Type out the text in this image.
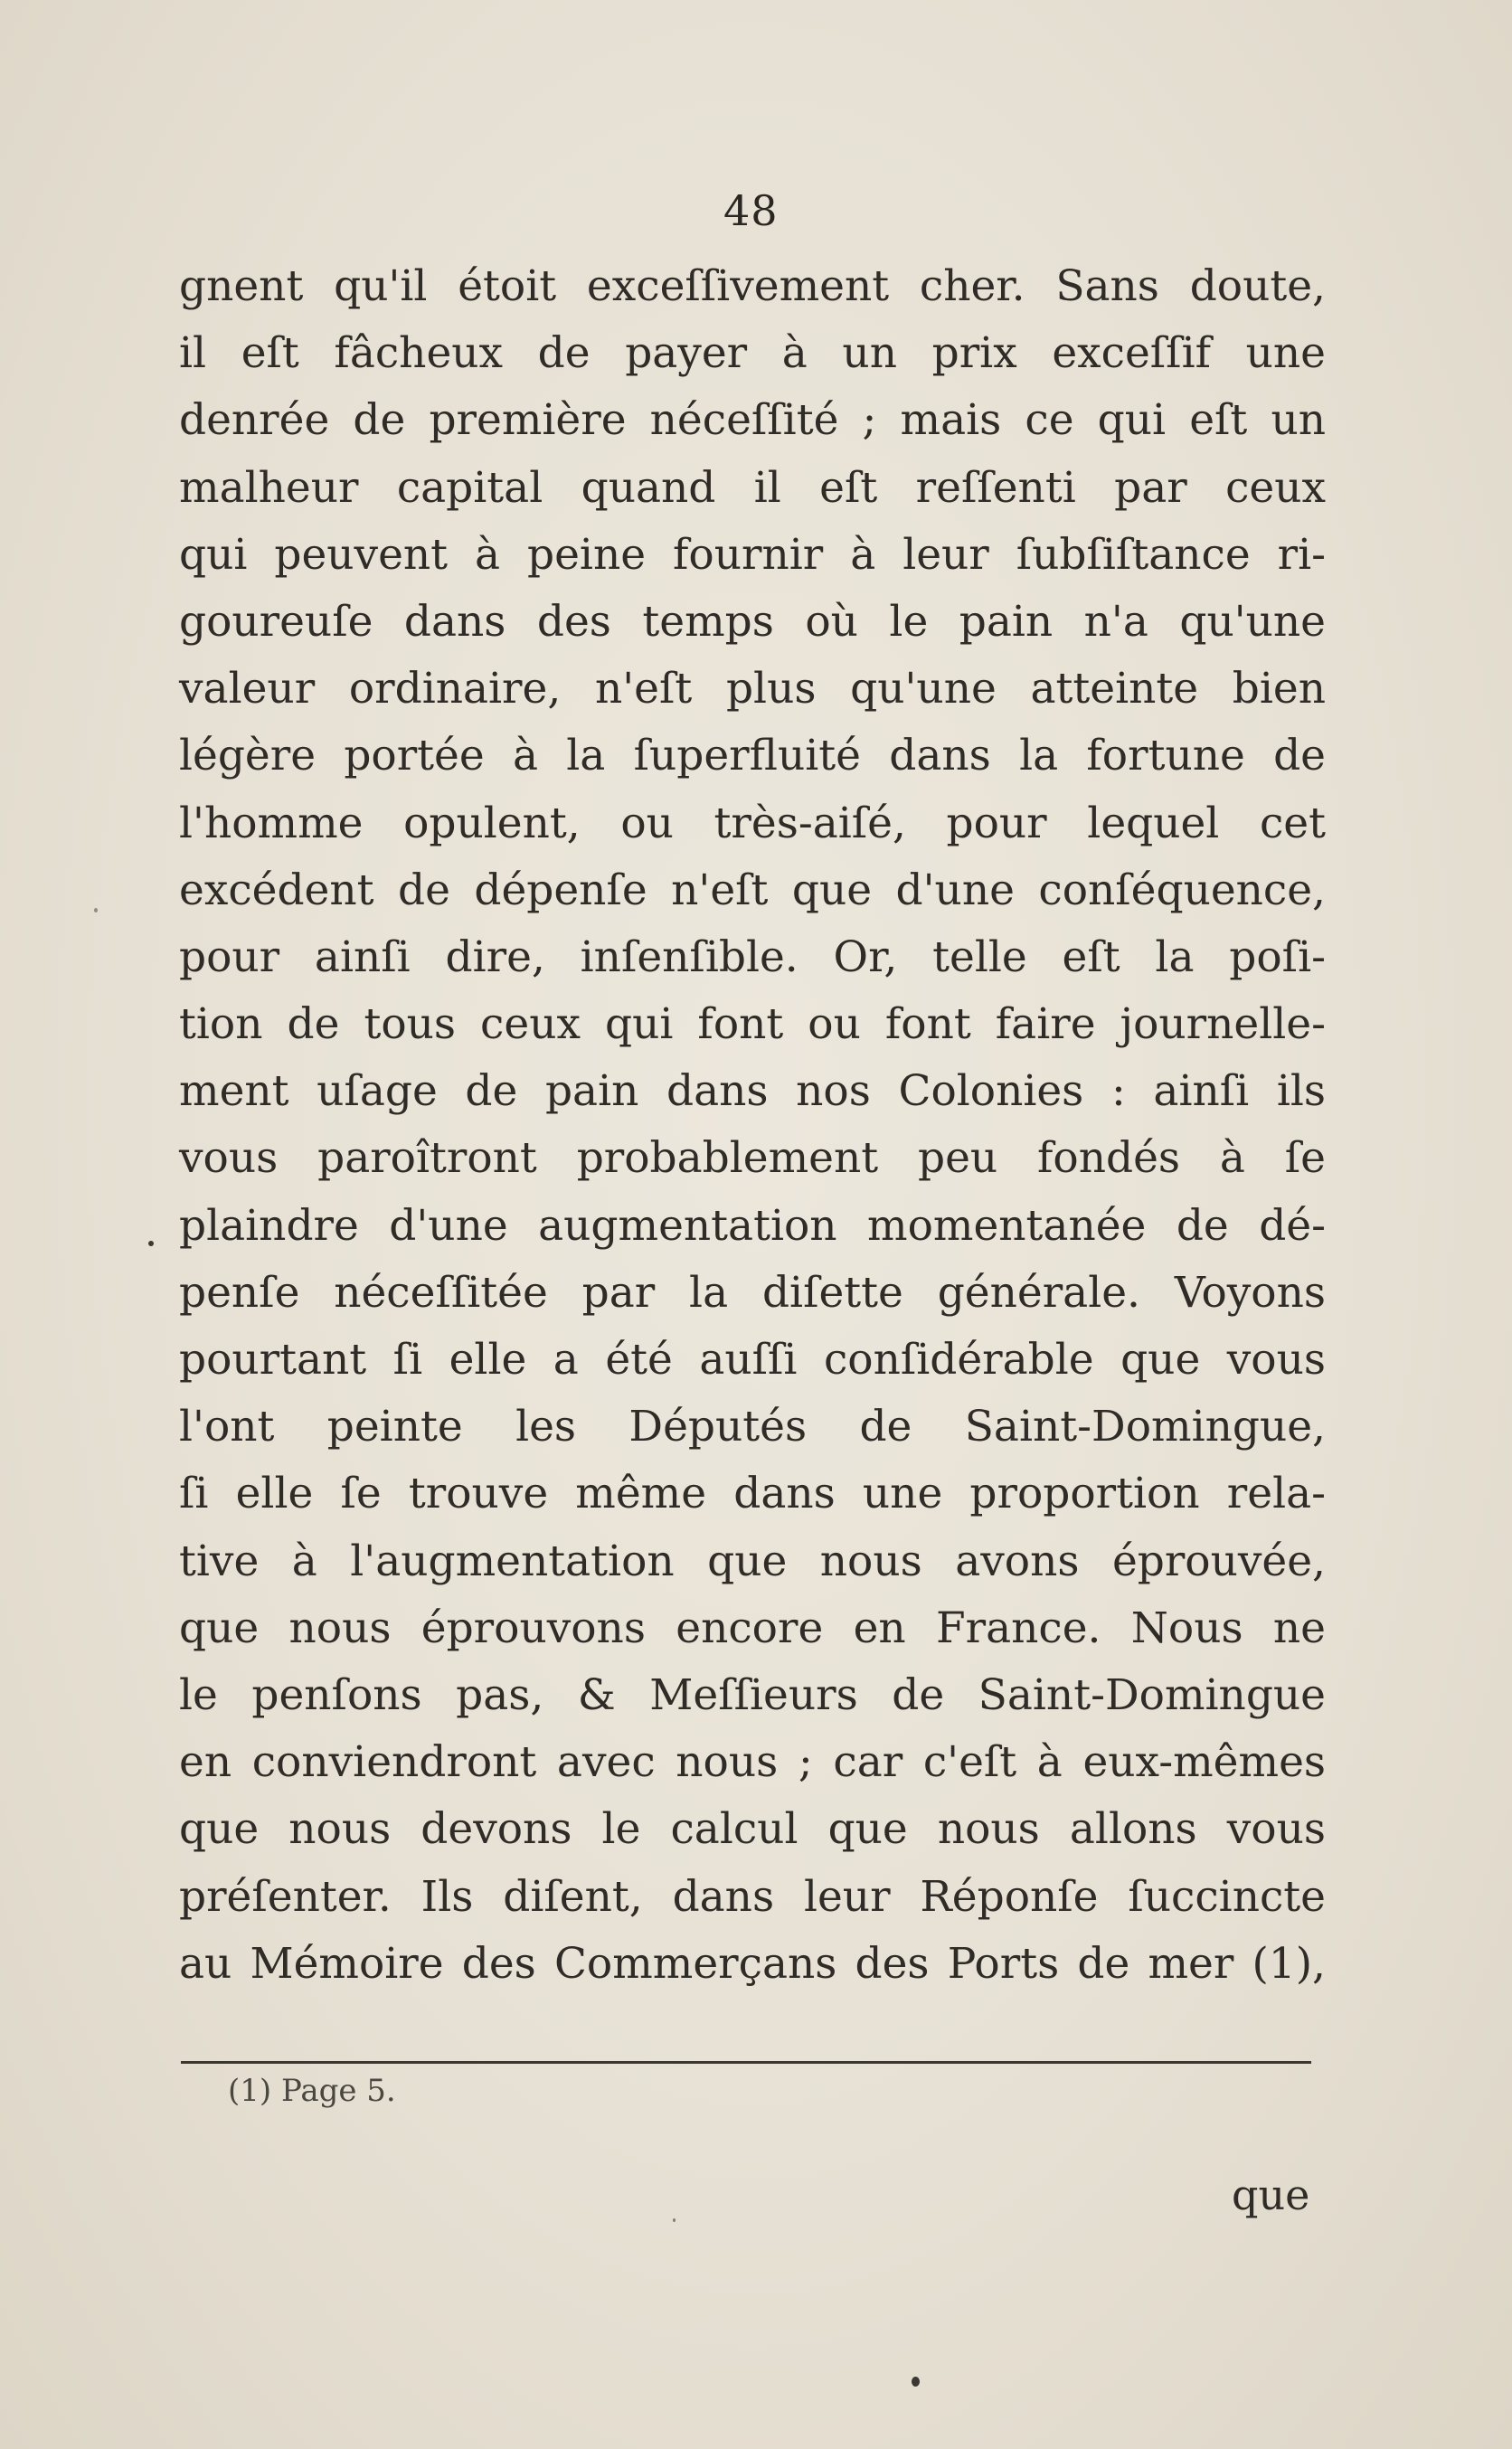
48
gnent qu'il étoit exceſſivement cher. Sans doute,
il eſt fâcheux de payer à un prix exceſſif une
denrée de première néceſſité ; mais ce qui eſt un
malheur capital quand il eſt reſſenti par ceux
qui peuvent à peine fournir à leur ſubſiſtance ri-
goureuſe dans des temps où le pain n'a qu'une
valeur ordinaire, n'eſt plus qu'une atteinte bien
légère portée à la ſuperfluité dans la fortune de
l'homme opulent, ou très-aiſé, pour lequel cet
excédent de dépenſe n'eſt que d'une conſéquence,
pour ainſi dire, inſenſible. Or, telle eſt la poſi-
tion de tous ceux qui font ou font faire journelle-
ment uſage de pain dans nos Colonies : ainſi ils
vous paroîtront probablement peu fondés à ſe
plaindre d'une augmentation momentanée de dé-
penſe néceſſitée par la diſette générale. Voyons
pourtant ſi elle a été auſſi conſidérable que vous
l'ont peinte les Députés de Saint-Domingue,
ſi elle ſe trouve même dans une proportion rela-
tive à l'augmentation que nous avons éprouvée,
que nous éprouvons encore en France. Nous ne
le penſons pas, & Meſſieurs de Saint-Domingue
en conviendront avec nous ; car c'eſt à eux-mêmes
que nous devons le calcul que nous allons vous
préſenter. Ils diſent, dans leur Réponſe ſuccincte
au Mémoire des Commerçans des Ports de mer (1),
(1) Page 5.
que
